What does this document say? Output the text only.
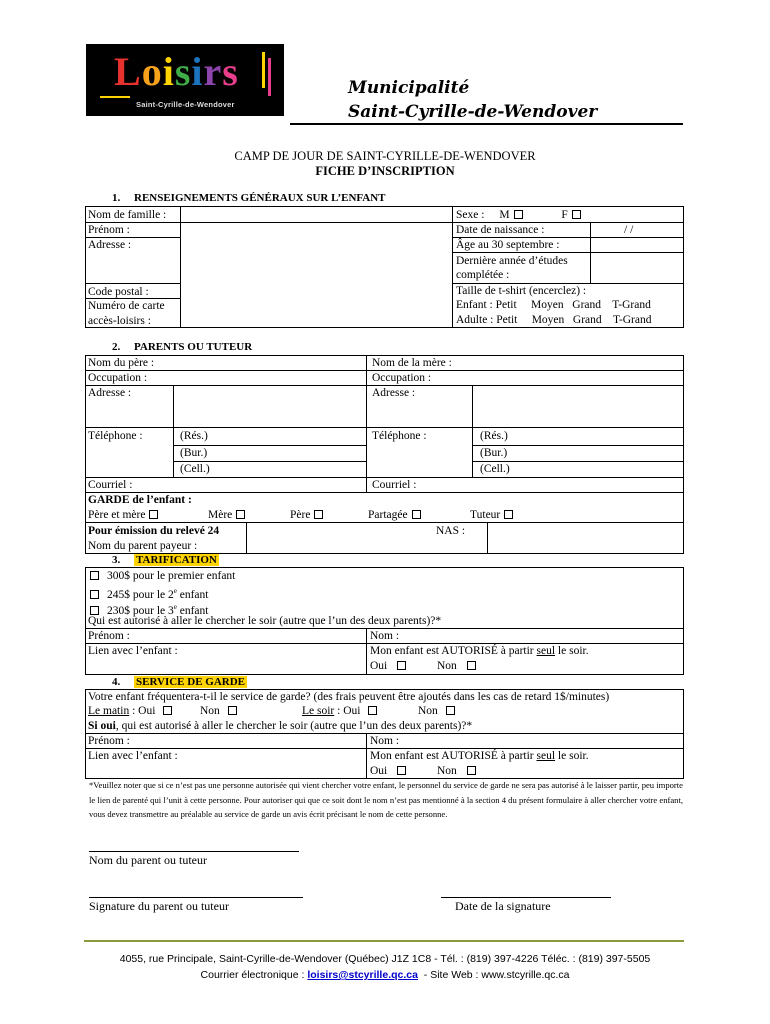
Loisirs
Saint-Cyrille-de-Wendover
Municipalité
Saint-Cyrille-de-Wendover
CAMP DE JOUR DE SAINT-CYRILLE-DE-WENDOVER
FICHE D’INSCRIPTION
1. RENSEIGNEMENTS GÉNÉRAUX SUR L’ENFANT
Nom de famille :
Prénom :
Adresse :
Code postal :
Numéro de carte
accès-loisirs :
Sexe : M	F
Date de naissance :	/ /
Âge au 30 septembre :
Dernière année d’études
complétée :
Taille de t-shirt (encerclez) :
Enfant : Petit     Moyen   Grand    T-Grand
Adulte : Petit     Moyen   Grand    T-Grand
2. PARENTS OU TUTEUR
Nom du père :	Nom de la mère :
Occupation :	Occupation :
Adresse :	Adresse :
Téléphone :	Téléphone :
(Rés.)	(Rés.)
(Bur.)	(Bur.)
(Cell.)	(Cell.)
Courriel :	Courriel :
GARDE de l’enfant :
Père et mère	Mère	Père	Partagée	Tuteur
Pour émission du relevé 24	NAS :
Nom du parent payeur :
3. TARIFICATION
300$ pour le premier enfant
245$ pour le 2e enfant
230$ pour le 3e enfant
Qui est autorisé à aller le chercher le soir (autre que l’un des deux parents)?*
Prénom :	Nom :
Lien avec l’enfant :	Mon enfant est AUTORISÉ à partir seul le soir.
Oui	Non
4. SERVICE DE GARDE
Votre enfant fréquentera-t-il le service de garde? (des frais peuvent être ajoutés dans les cas de retard 1$/minutes)
Le matin : Oui	Non	Le soir : Oui	Non
Si oui, qui est autorisé à aller le chercher le soir (autre que l’un des deux parents)?*
Prénom :	Nom :
Lien avec l’enfant :	Mon enfant est AUTORISÉ à partir seul le soir.
Oui	Non
*Veuillez noter que si ce n’est pas une personne autorisée qui vient chercher votre enfant, le personnel du service de garde ne sera pas autorisé à le laisser partir, peu importe le lien de parenté qui l’unit à cette personne. Pour autoriser qui que ce soit dont le nom n’est pas mentionné à la section 4 du présent formulaire à aller chercher votre enfant, vous devez transmettre au préalable au service de garde un avis écrit précisant le nom de cette personne.
Nom du parent ou tuteur
Signature du parent ou tuteur	Date de la signature
4055, rue Principale, Saint-Cyrille-de-Wendover (Québec) J1Z 1C8 - Tél. : (819) 397-4226 Téléc. : (819) 397-5505
Courrier électronique : loisirs@stcyrille.qc.ca  - Site Web : www.stcyrille.qc.ca
